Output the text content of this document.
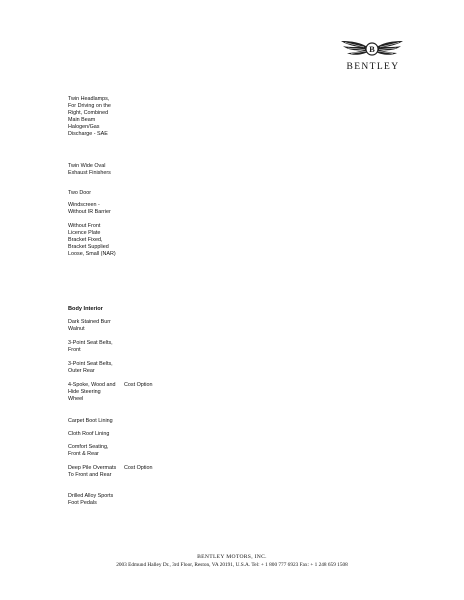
B
BENTLEY
Twin Headlamps,
For Driving on the
Right, Combined
Main Beam
Halogen/Gas
Discharge - SAE
Twin Wide Oval
Exhaust Finishers
Two Door
Windscreen -
Without IR Barrier
Without Front
Licence Plate
Bracket Fixed,
Bracket Supplied
Loose, Small (NAR)
Body Interior
Dark Stained Burr
Walnut
3-Point Seat Belts,
Front
3-Point Seat Belts,
Outer Rear
4-Spoke, Wood and
Hide Steering
Wheel
Cost Option
Carpet Boot Lining
Cloth Roof Lining
Comfort Seating,
Front & Rear
Deep Pile Overmats
To Front and Rear
Cost Option
Drilled Alloy Sports
Foot Pedals
BENTLEY MOTORS, INC.
2003 Edmund Halley Dr., 3rd Floor, Reston, VA 20191, U.S.A. Tel: + 1 800 777 6923 Fax: + 1 248 659 1508
